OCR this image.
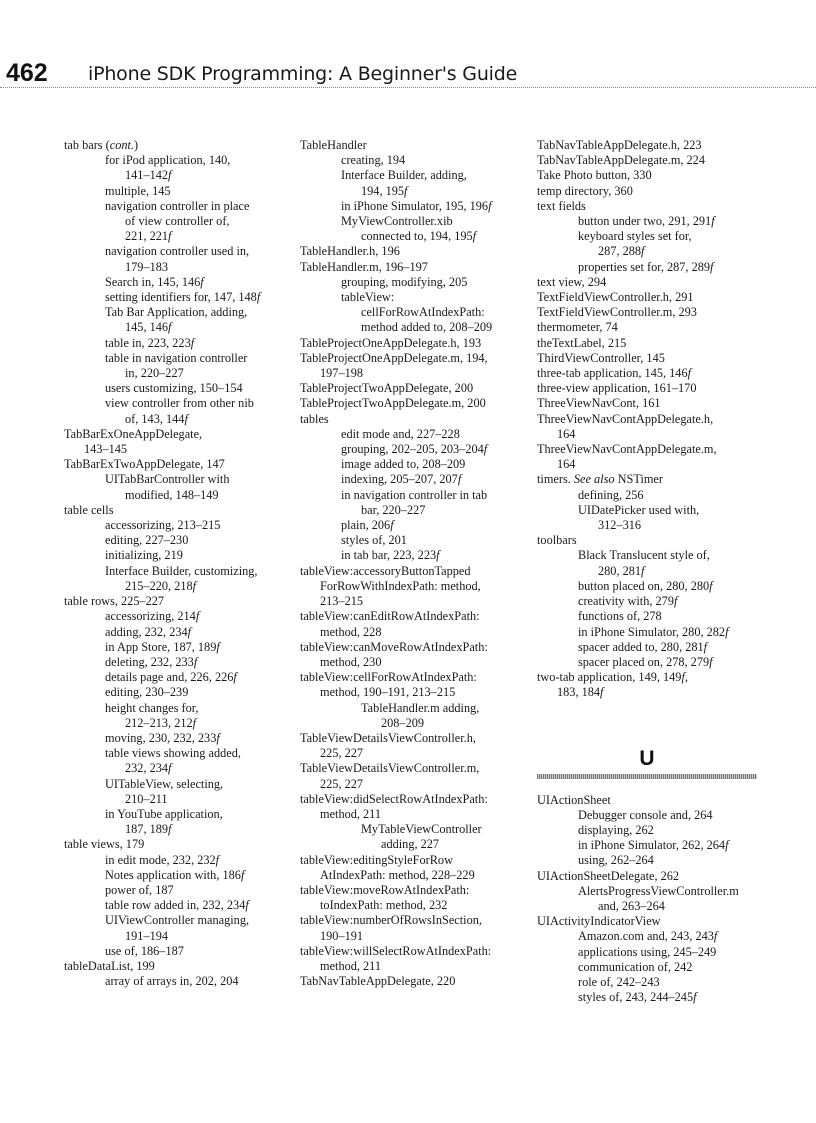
462 iPhone SDK Programming: A Beginner's Guide
tab bars (cont.)
for iPod application, 140,
141–142f
multiple, 145
navigation controller in place
of view controller of,
221, 221f
navigation controller used in,
179–183
Search in, 145, 146f
setting identifiers for, 147, 148f
Tab Bar Application, adding,
145, 146f
table in, 223, 223f
table in navigation controller
in, 220–227
users customizing, 150–154
view controller from other nib
of, 143, 144f
TabBarExOneAppDelegate,
143–145
TabBarExTwoAppDelegate, 147
UITabBarController with
modified, 148–149
table cells
accessorizing, 213–215
editing, 227–230
initializing, 219
Interface Builder, customizing,
215–220, 218f
table rows, 225–227
accessorizing, 214f
adding, 232, 234f
in App Store, 187, 189f
deleting, 232, 233f
details page and, 226, 226f
editing, 230–239
height changes for,
212–213, 212f
moving, 230, 232, 233f
table views showing added,
232, 234f
UITableView, selecting,
210–211
in YouTube application,
187, 189f
table views, 179
in edit mode, 232, 232f
Notes application with, 186f
power of, 187
table row added in, 232, 234f
UIViewController managing,
191–194
use of, 186–187
tableDataList, 199
array of arrays in, 202, 204
TableHandler
creating, 194
Interface Builder, adding,
194, 195f
in iPhone Simulator, 195, 196f
MyViewController.xib
connected to, 194, 195f
TableHandler.h, 196
TableHandler.m, 196–197
grouping, modifying, 205
tableView:
cellForRowAtIndexPath:
method added to, 208–209
TableProjectOneAppDelegate.h, 193
TableProjectOneAppDelegate.m, 194,
197–198
TableProjectTwoAppDelegate, 200
TableProjectTwoAppDelegate.m, 200
tables
edit mode and, 227–228
grouping, 202–205, 203–204f
image added to, 208–209
indexing, 205–207, 207f
in navigation controller in tab
bar, 220–227
plain, 206f
styles of, 201
in tab bar, 223, 223f
tableView:accessoryButtonTapped
ForRowWithIndexPath: method,
213–215
tableView:canEditRowAtIndexPath:
method, 228
tableView:canMoveRowAtIndexPath:
method, 230
tableView:cellForRowAtIndexPath:
method, 190–191, 213–215
TableHandler.m adding,
208–209
TableViewDetailsViewController.h,
225, 227
TableViewDetailsViewController.m,
225, 227
tableView:didSelectRowAtIndexPath:
method, 211
MyTableViewController
adding, 227
tableView:editingStyleForRow
AtIndexPath: method, 228–229
tableView:moveRowAtIndexPath:
toIndexPath: method, 232
tableView:numberOfRowsInSection,
190–191
tableView:willSelectRowAtIndexPath:
method, 211
TabNavTableAppDelegate, 220
TabNavTableAppDelegate.h, 223
TabNavTableAppDelegate.m, 224
Take Photo button, 330
temp directory, 360
text fields
button under two, 291, 291f
keyboard styles set for,
287, 288f
properties set for, 287, 289f
text view, 294
TextFieldViewController.h, 291
TextFieldViewController.m, 293
thermometer, 74
theTextLabel, 215
ThirdViewController, 145
three-tab application, 145, 146f
three-view application, 161–170
ThreeViewNavCont, 161
ThreeViewNavContAppDelegate.h,
164
ThreeViewNavContAppDelegate.m,
164
timers. See also NSTimer
defining, 256
UIDatePicker used with,
312–316
toolbars
Black Translucent style of,
280, 281f
button placed on, 280, 280f
creativity with, 279f
functions of, 278
in iPhone Simulator, 280, 282f
spacer added to, 280, 281f
spacer placed on, 278, 279f
two-tab application, 149, 149f,
183, 184f
U
UIActionSheet
Debugger console and, 264
displaying, 262
in iPhone Simulator, 262, 264f
using, 262–264
UIActionSheetDelegate, 262
AlertsProgressViewController.m
and, 263–264
UIActivityIndicatorView
Amazon.com and, 243, 243f
applications using, 245–249
communication of, 242
role of, 242–243
styles of, 243, 244–245f
